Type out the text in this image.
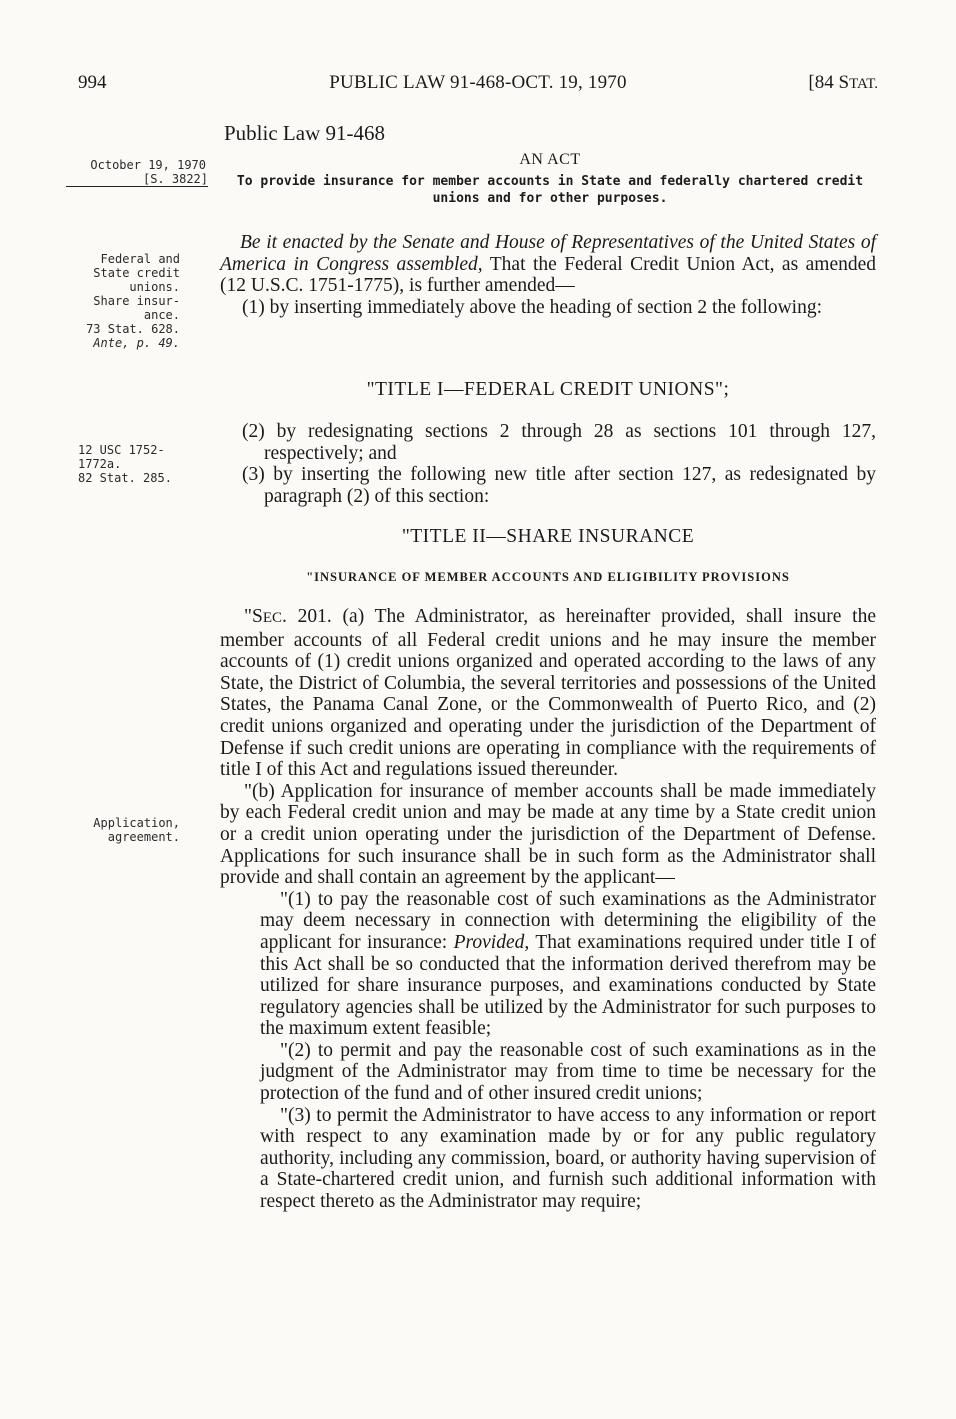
994	PUBLIC LAW 91-468-OCT. 19, 1970	[84 STAT.
October 19, 1970
[S. 3822]
Federal and
State credit
unions.
Share insur-
ance.
73 Stat. 628.
Ante, p. 49.
12 USC 1752-
1772a.
82 Stat. 285.
Application,
agreement.
Public Law 91-468
AN ACT
To provide insurance for member accounts in State and federally chartered credit unions and for other purposes.

Be it enacted by the Senate and House of Representatives of the United States of America in Congress assembled, That the Federal Credit Union Act, as amended (12 U.S.C. 1751-1775), is further amended—

(1) by inserting immediately above the heading of section 2 the following:

"TITLE I—FEDERAL CREDIT UNIONS";

(2) by redesignating sections 2 through 28 as sections 101 through 127, respectively; and

(3) by inserting the following new title after section 127, as redesignated by paragraph (2) of this section:

"TITLE II—SHARE INSURANCE
"INSURANCE OF MEMBER ACCOUNTS AND ELIGIBILITY PROVISIONS

"SEC. 201. (a) The Administrator, as hereinafter provided, shall insure the member accounts of all Federal credit unions and he may insure the member accounts of (1) credit unions organized and operated according to the laws of any State, the District of Columbia, the several territories and possessions of the United States, the Panama Canal Zone, or the Commonwealth of Puerto Rico, and (2) credit unions organized and operating under the jurisdiction of the Department of Defense if such credit unions are operating in compliance with the requirements of title I of this Act and regulations issued thereunder.

"(b) Application for insurance of member accounts shall be made immediately by each Federal credit union and may be made at any time by a State credit union or a credit union operating under the jurisdiction of the Department of Defense. Applications for such insurance shall be in such form as the Administrator shall provide and shall contain an agreement by the applicant—

"(1) to pay the reasonable cost of such examinations as the Administrator may deem necessary in connection with determining the eligibility of the applicant for insurance: Provided, That examinations required under title I of this Act shall be so conducted that the information derived therefrom may be utilized for share insurance purposes, and examinations conducted by State regulatory agencies shall be utilized by the Administrator for such purposes to the maximum extent feasible;

"(2) to permit and pay the reasonable cost of such examinations as in the judgment of the Administrator may from time to time be necessary for the protection of the fund and of other insured credit unions;

"(3) to permit the Administrator to have access to any information or report with respect to any examination made by or for any public regulatory authority, including any commission, board, or authority having supervision of a State-chartered credit union, and furnish such additional information with respect thereto as the Administrator may require;
